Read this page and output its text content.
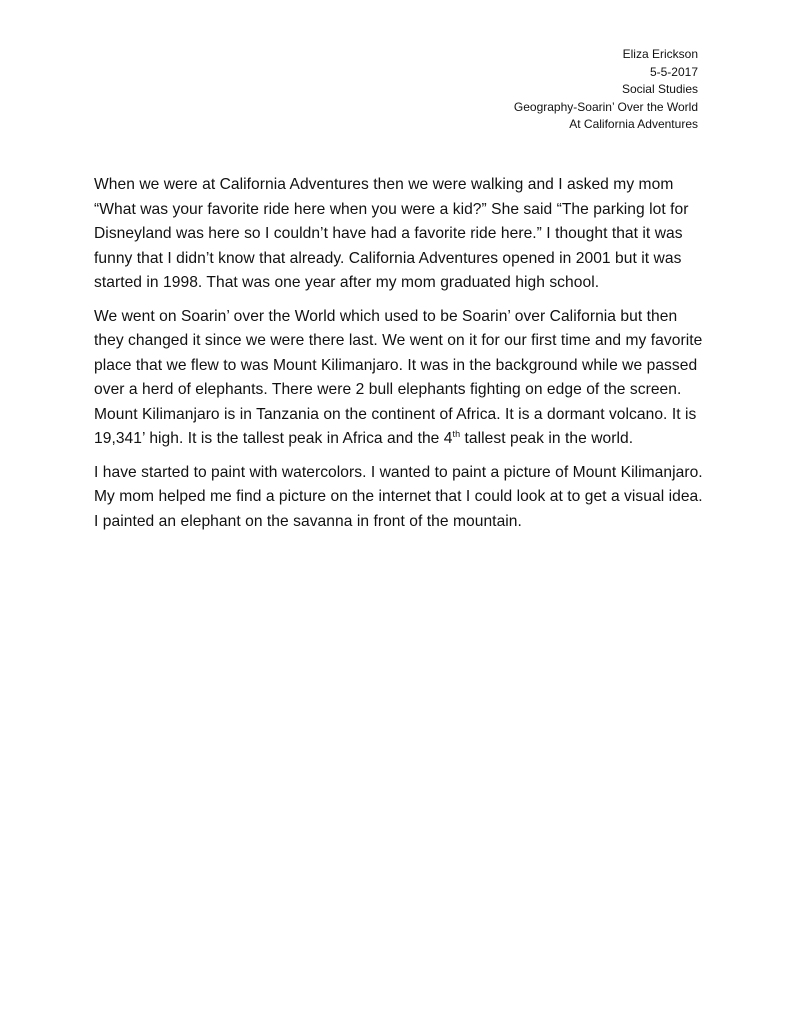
Eliza Erickson
5-5-2017
Social Studies
Geography-Soarin’ Over the World
At California Adventures

When we were at California Adventures then we were walking and I asked my mom “What was your favorite ride here when you were a kid?” She said “The parking lot for Disneyland was here so I couldn’t have had a favorite ride here.” I thought that it was funny that I didn’t know that already. California Adventures opened in 2001 but it was started in 1998. That was one year after my mom graduated high school.

We went on Soarin’ over the World which used to be Soarin’ over California but then they changed it since we were there last. We went on it for our first time and my favorite place that we flew to was Mount Kilimanjaro. It was in the background while we passed over a herd of elephants. There were 2 bull elephants fighting on edge of the screen. Mount Kilimanjaro is in Tanzania on the continent of Africa. It is a dormant volcano. It is 19,341’ high. It is the tallest peak in Africa and the 4th tallest peak in the world.

I have started to paint with watercolors. I wanted to paint a picture of Mount Kilimanjaro. My mom helped me find a picture on the internet that I could look at to get a visual idea. I painted an elephant on the savanna in front of the mountain.
